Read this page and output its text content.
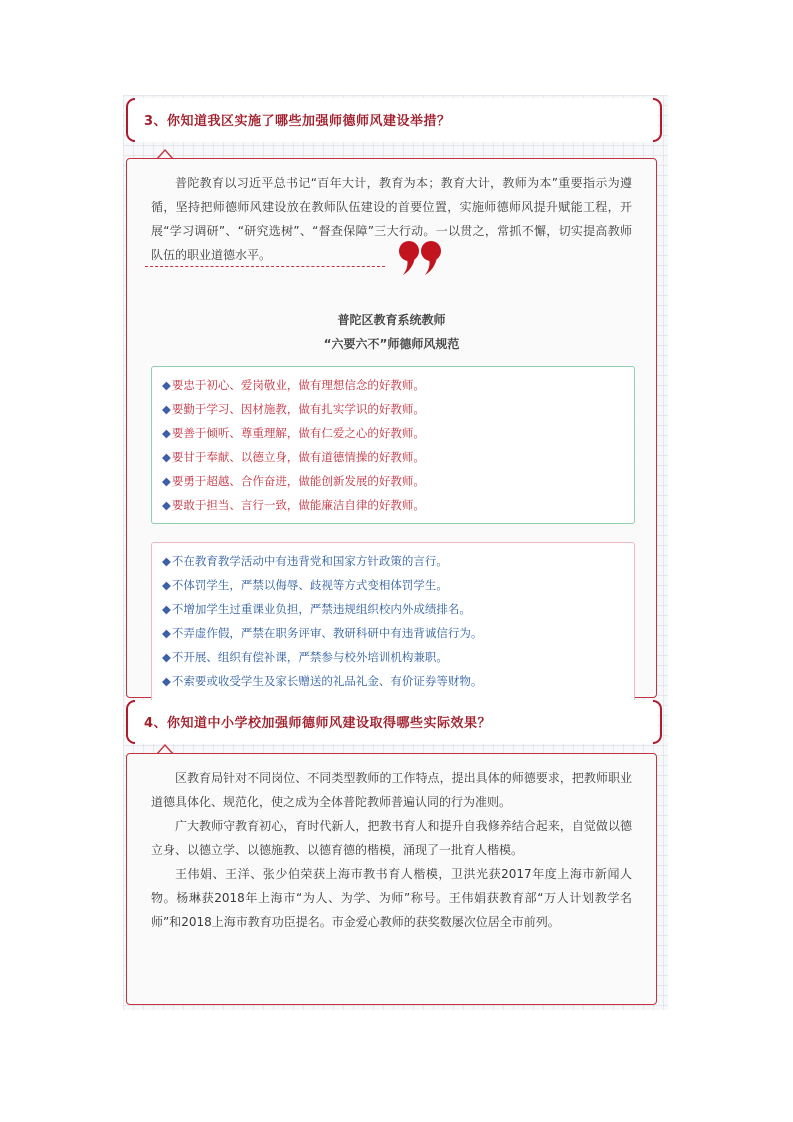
3、你知道我区实施了哪些加强师德师风建设举措？

普陀教育以习近平总书记“百年大计，教育为本；教育大计，教师为本”重要指示为遵循，坚持把师德师风建设放在教师队伍建设的首要位置，实施师德师风提升赋能工程，开展“学习调研”、“研究选树”、“督查保障”三大行动。一以贯之，常抓不懈，切实提高教师队伍的职业道德水平。

普陀区教育系统教师
“六要六不”师德师风规范
◆要忠于初心、爱岗敬业，做有理想信念的好教师。
◆要勤于学习、因材施教，做有扎实学识的好教师。
◆要善于倾听、尊重理解，做有仁爱之心的好教师。
◆要甘于奉献、以德立身，做有道德情操的好教师。
◆要勇于超越、合作奋进，做能创新发展的好教师。
◆要敢于担当、言行一致，做能廉洁自律的好教师。
◆不在教育教学活动中有违背党和国家方针政策的言行。
◆不体罚学生，严禁以侮辱、歧视等方式变相体罚学生。
◆不增加学生过重课业负担，严禁违规组织校内外成绩排名。
◆不弄虚作假，严禁在职务评审、教研科研中有违背诚信行为。
◆不开展、组织有偿补课，严禁参与校外培训机构兼职。
◆不索要或收受学生及家长赠送的礼品礼金、有价证券等财物。
4、你知道中小学校加强师德师风建设取得哪些实际效果？

区教育局针对不同岗位、不同类型教师的工作特点，提出具体的师德要求，把教师职业道德具体化、规范化，使之成为全体普陀教师普遍认同的行为准则。

广大教师守教育初心，育时代新人，把教书育人和提升自我修养结合起来，自觉做以德立身、以德立学、以德施教、以德育德的楷模，涌现了一批育人楷模。

王伟娟、王洋、张少伯荣获上海市教书育人楷模，卫洪光获2017年度上海市新闻人物。杨琳获2018年上海市“为人、为学、为师”称号。王伟娟获教育部“万人计划教学名师”和2018上海市教育功臣提名。市金爱心教师的获奖数屡次位居全市前列。
